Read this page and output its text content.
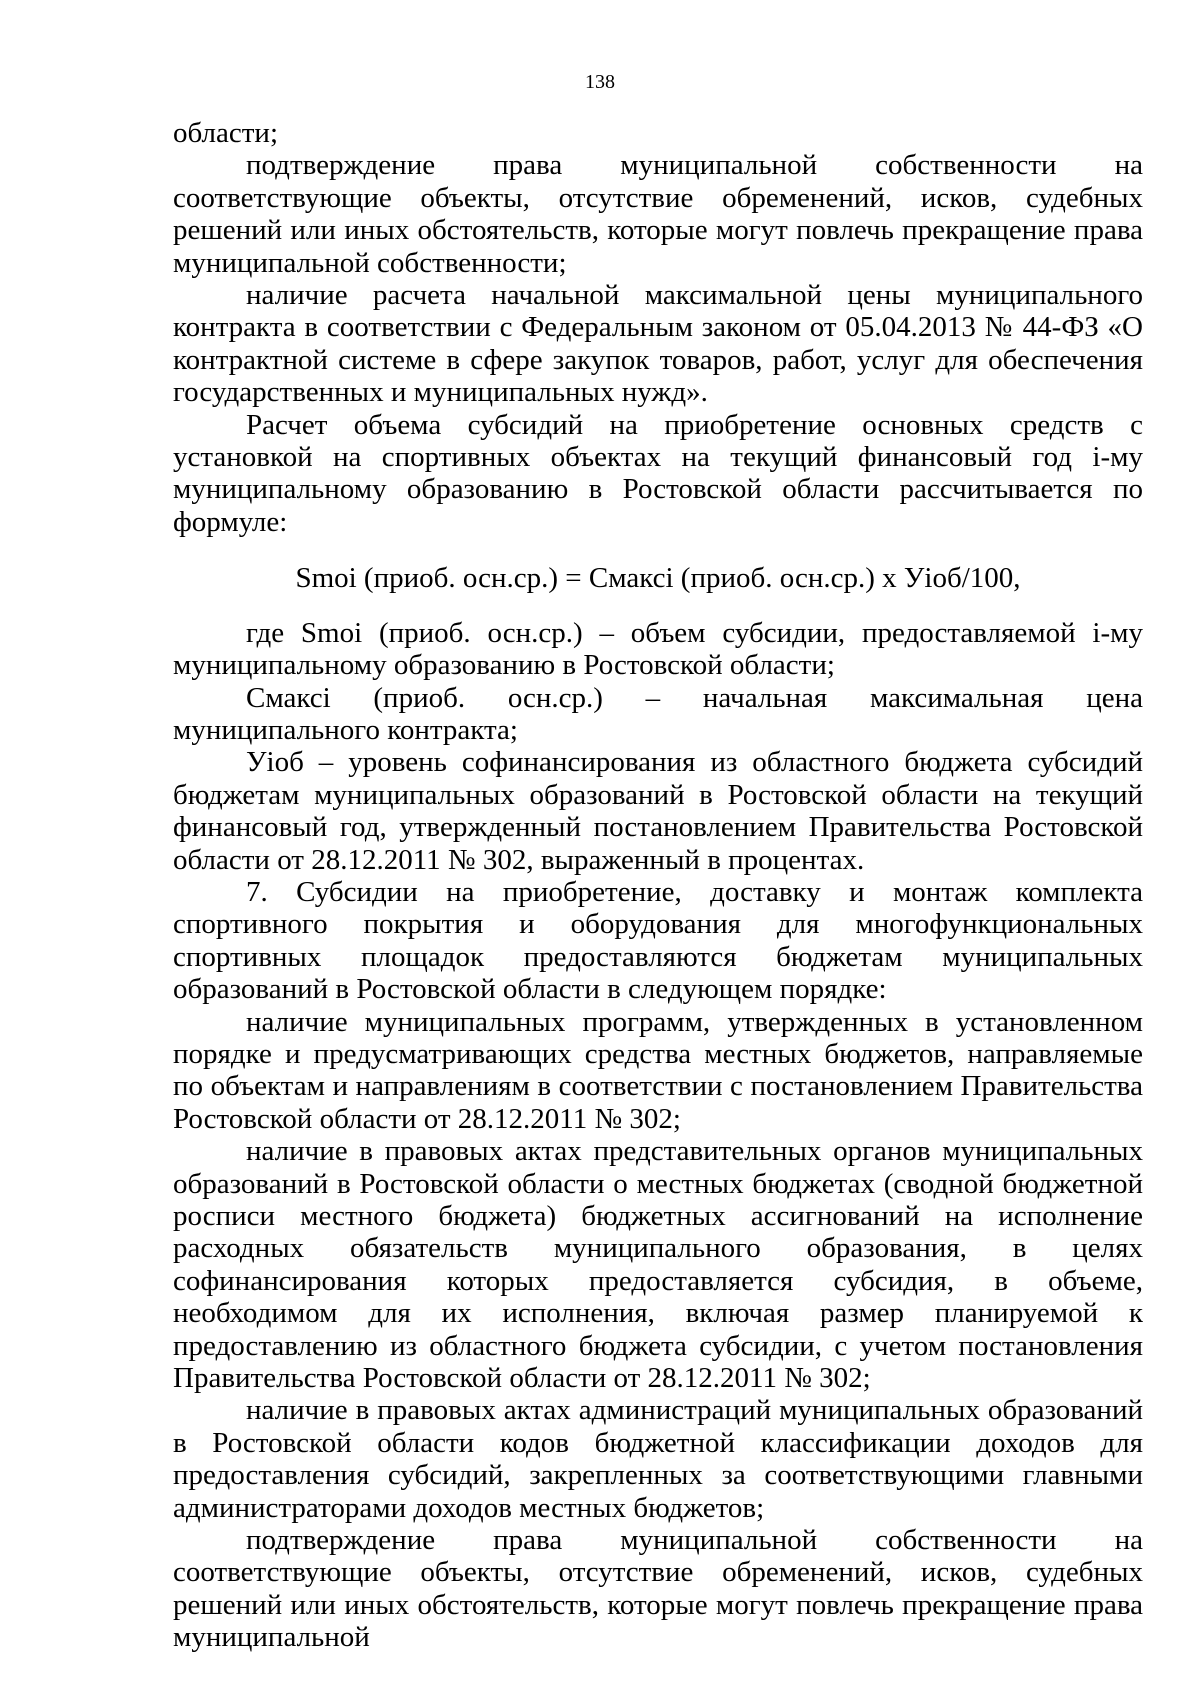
138

области;

подтверждение права муниципальной собственности на соответствующие объекты, отсутствие обременений, исков, судебных решений или иных обстоятельств, которые могут повлечь прекращение права муниципальной собственности;

наличие расчета начальной максимальной цены муниципального контракта в соответствии с Федеральным законом от 05.04.2013 № 44-ФЗ «О контрактной системе в сфере закупок товаров, работ, услуг для обеспечения государственных и муниципальных нужд».

Расчет объема субсидий на приобретение основных средств с установкой на спортивных объектах на текущий финансовый год i-му муниципальному образованию в Ростовской области рассчитывается по формуле:

Smoi (приоб. осн.ср.) = Смаксi (приоб. осн.ср.) х Уioб/100,

где Smoi (приоб. осн.ср.) – объем субсидии, предоставляемой i-му муниципальному образованию в Ростовской области;

Смаксi (приоб. осн.ср.) – начальная максимальная цена муниципального контракта;

Уioб – уровень софинансирования из областного бюджета субсидий бюджетам муниципальных образований в Ростовской области на текущий финансовый год, утвержденный постановлением Правительства Ростовской области от 28.12.2011 № 302, выраженный в процентах.

7. Субсидии на приобретение, доставку и монтаж комплекта спортивного покрытия и оборудования для многофункциональных спортивных площадок предоставляются бюджетам муниципальных образований в Ростовской области в следующем порядке:

наличие муниципальных программ, утвержденных в установленном порядке и предусматривающих средства местных бюджетов, направляемые по объектам и направлениям в соответствии с постановлением Правительства Ростовской области от 28.12.2011 № 302;

наличие в правовых актах представительных органов муниципальных образований в Ростовской области о местных бюджетах (сводной бюджетной росписи местного бюджета) бюджетных ассигнований на исполнение расходных обязательств муниципального образования, в целях софинансирования которых предоставляется субсидия, в объеме, необходимом для их исполнения, включая размер планируемой к предоставлению из областного бюджета субсидии, с учетом постановления Правительства Ростовской области от 28.12.2011 № 302;

наличие в правовых актах администраций муниципальных образований в Ростовской области кодов бюджетной классификации доходов для предоставления субсидий, закрепленных за соответствующими главными администраторами доходов местных бюджетов;

подтверждение права муниципальной собственности на соответствующие объекты, отсутствие обременений, исков, судебных решений или иных обстоятельств, которые могут повлечь прекращение права муниципальной
